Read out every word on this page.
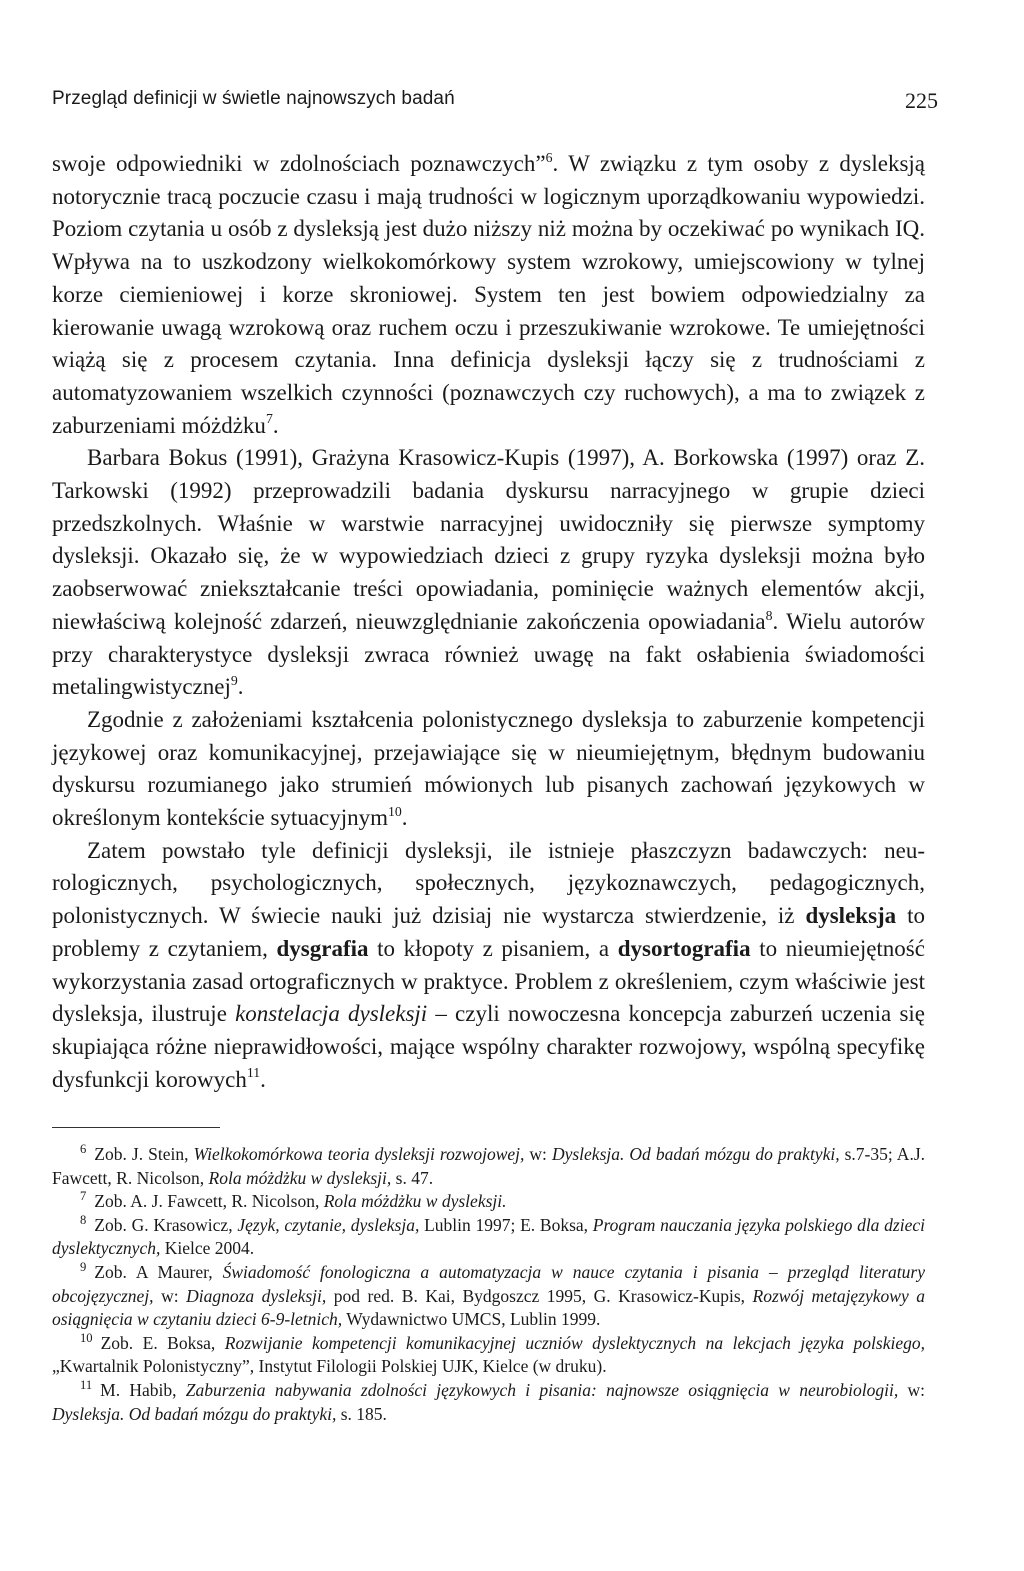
Przegląd definicji w świetle najnowszych badań	225

swoje odpowiedniki w zdolnościach poznawczych”$^6$. W związku z tym osoby z dysleksją notorycznie tracą poczucie czasu i mają trudności w logicznym uporządkowaniu wypowiedzi. Poziom czytania u osób z dysleksją jest dużo niższy niż można by oczekiwać po wynikach IQ. Wpływa na to uszkodzony wielkokomórkowy system wzrokowy, umiejscowiony w tylnej korze ciemieniowej i korze skroniowej. System ten jest bowiem odpowiedzialny za kierowanie uwagą wzrokową oraz ruchem oczu i przeszukiwanie wzrokowe. Te umiejętności wiążą się z procesem czytania. Inna definicja dysleksji łączy się z trudnościami z automatyzowaniem wszelkich czynności (poznawczych czy ruchowych), a ma to związek z zaburzeniami móżdżku$^7$.

Barbara Bokus (1991), Grażyna Krasowicz-Kupis (1997), A. Borkowska (1997) oraz Z. Tarkowski (1992) przeprowadzili badania dyskursu narracyjnego w grupie dzieci przedszkolnych. Właśnie w warstwie narracyjnej uwidoczniły się pierwsze symptomy dysleksji. Okazało się, że w wypowiedziach dzieci z grupy ryzyka dysleksji można było zaobserwować zniekształcanie treści opowiadania, pominięcie ważnych elementów akcji, niewłaściwą kolejność zdarzeń, nieuwzględnianie zakończenia opowiadania$^8$. Wielu autorów przy charakterystyce dysleksji zwraca również uwagę na fakt osłabienia świadomości metalingwistycznej$^9$.

Zgodnie z założeniami kształcenia polonistycznego dysleksja to zaburzenie kompetencji językowej oraz komunikacyjnej, przejawiające się w nieumiejętnym, błędnym budowaniu dyskursu rozumianego jako strumień mówionych lub pisanych zachowań językowych w określonym kontekście sytuacyjnym$^{10}$.

Zatem powstało tyle definicji dysleksji, ile istnieje płaszczyzn badawczych: neurologicznych, psychologicznych, społecznych, językoznawczych, pedagogicznych, polonistycznych. W świecie nauki już dzisiaj nie wystarcza stwierdzenie, iż dysleksja to problemy z czytaniem, dysgrafia to kłopoty z pisaniem, a dysortografia to nieumiejętność wykorzystania zasad ortograficznych w praktyce. Problem z określeniem, czym właściwie jest dysleksja, ilustruje konstelacja dysleksji – czyli nowoczesna koncepcja zaburzeń uczenia się skupiająca różne nieprawidłowości, mające wspólny charakter rozwojowy, wspólną specyfikę dysfunkcji korowych$^{11}$.

$^6$ Zob. J. Stein, Wielkokomórkowa teoria dysleksji rozwojowej, w: Dysleksja. Od badań mózgu do praktyki, s.7-35; A.J. Fawcett, R. Nicolson, Rola móżdżku w dysleksji, s. 47.

$^7$ Zob. A. J. Fawcett, R. Nicolson, Rola móżdżku w dysleksji.

$^8$ Zob. G. Krasowicz, Język, czytanie, dysleksja, Lublin 1997; E. Boksa, Program nauczania języka polskiego dla dzieci dyslektycznych, Kielce 2004.

$^9$ Zob. A Maurer, Świadomość fonologiczna a automatyzacja w nauce czytania i pisania – przegląd literatury obcojęzycznej, w: Diagnoza dysleksji, pod red. B. Kai, Bydgoszcz 1995, G. Krasowicz-Kupis, Rozwój metajęzykowy a osiągnięcia w czytaniu dzieci 6-9-letnich, Wydawnictwo UMCS, Lublin 1999.

$^{10}$ Zob. E. Boksa, Rozwijanie kompetencji komunikacyjnej uczniów dyslektycznych na lekcjach języka polskiego, „Kwartalnik Polonistyczny”, Instytut Filologii Polskiej UJK, Kielce (w druku).

$^{11}$ M. Habib, Zaburzenia nabywania zdolności językowych i pisania: najnowsze osiągnięcia w neurobiologii, w: Dysleksja. Od badań mózgu do praktyki, s. 185.
